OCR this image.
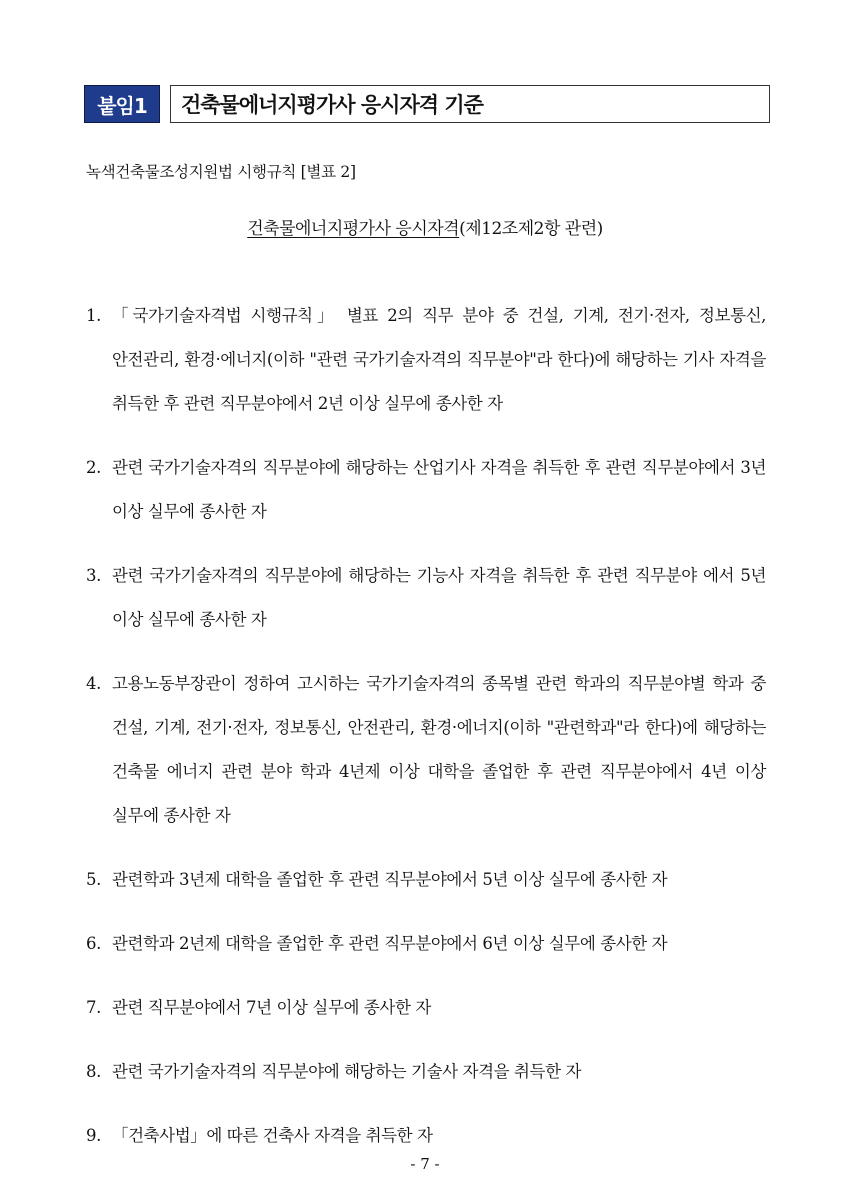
붙임1	건축물에너지평가사 응시자격 기준
녹색건축물조성지원법 시행규칙 [별표 2]
건축물에너지평가사 응시자격(제12조제2항 관련)
1. 「국가기술자격법 시행규칙」 별표 2의 직무 분야 중 건설, 기계, 전기·전자, 정보통신, 안전관리, 환경·에너지(이하 "관련 국가기술자격의 직무분야"라 한다)에 해당하는 기사 자격을 취득한 후 관련 직무분야에서 2년 이상 실무에 종사한 자
2. 관련 국가기술자격의 직무분야에 해당하는 산업기사 자격을 취득한 후 관련 직무분야에서 3년 이상 실무에 종사한 자
3. 관련 국가기술자격의 직무분야에 해당하는 기능사 자격을 취득한 후 관련 직무분야 에서 5년 이상 실무에 종사한 자
4. 고용노동부장관이 정하여 고시하는 국가기술자격의 종목별 관련 학과의 직무분야별 학과 중 건설, 기계, 전기·전자, 정보통신, 안전관리, 환경·에너지(이하 "관련학과"라 한다)에 해당하는 건축물 에너지 관련 분야 학과 4년제 이상 대학을 졸업한 후 관련 직무분야에서 4년 이상 실무에 종사한 자
5. 관련학과 3년제 대학을 졸업한 후 관련 직무분야에서 5년 이상 실무에 종사한 자
6. 관련학과 2년제 대학을 졸업한 후 관련 직무분야에서 6년 이상 실무에 종사한 자
7. 관련 직무분야에서 7년 이상 실무에 종사한 자
8. 관련 국가기술자격의 직무분야에 해당하는 기술사 자격을 취득한 자
9. 「건축사법」에 따른 건축사 자격을 취득한 자
- 7 -
